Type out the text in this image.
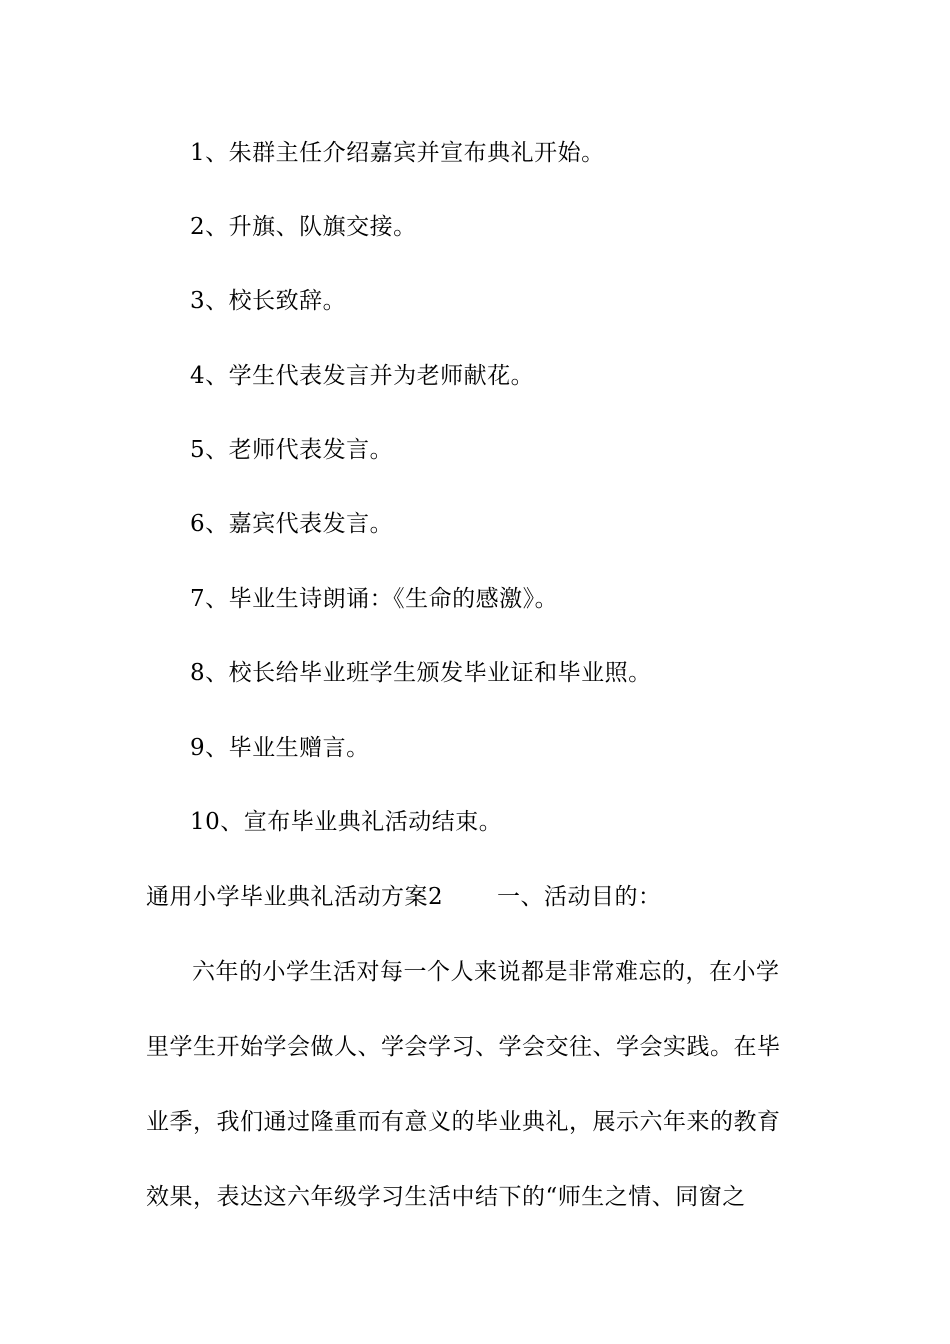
1、朱群主任介绍嘉宾并宣布典礼开始。
2、升旗、队旗交接。
3、校长致辞。
4、学生代表发言并为老师献花。
5、老师代表发言。
6、嘉宾代表发言。
7、毕业生诗朗诵：《生命的感激》。
8、校长给毕业班学生颁发毕业证和毕业照。
9、毕业生赠言。
10、宣布毕业典礼活动结束。
通用小学毕业典礼活动方案2 一、活动目的：
六年的小学生活对每一个人来说都是非常难忘的，在小学
里学生开始学会做人、学会学习、学会交往、学会实践。在毕
业季，我们通过隆重而有意义的毕业典礼，展示六年来的教育
效果，表达这六年级学习生活中结下的“师生之情、同窗之
